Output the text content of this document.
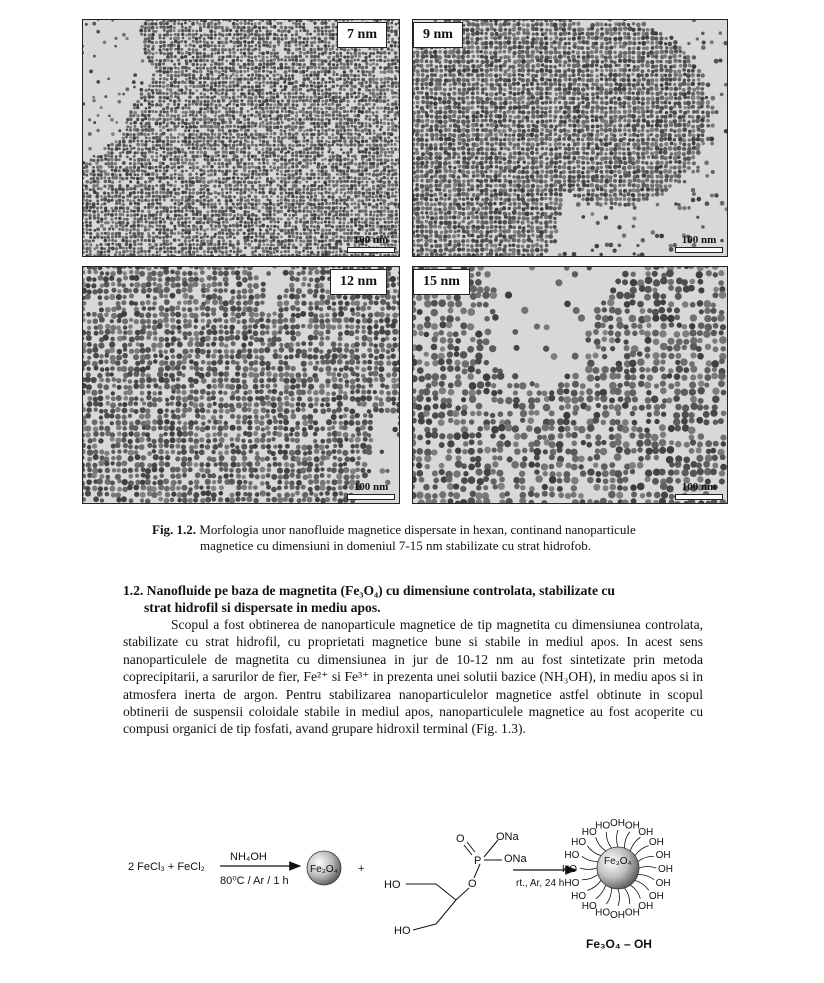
7 nm
100 nm
9 nm
100 nm
12 nm
100 nm
15 nm
100 nm
Fig. 1.2. Morfologia unor nanofluide magnetice dispersate in hexan, continand nanoparticule
magnetice cu dimensiuni in domeniul 7-15 nm stabilizate cu strat hidrofob.
1.2. Nanofluide pe baza de magnetita (Fe₃O₄) cu dimensiune controlata, stabilizate cu
strat hidrofil si dispersate in mediu apos.
Scopul a fost obtinerea de nanoparticule magnetice de tip magnetita cu dimensiunea controlata, stabilizate cu strat hidrofil, cu proprietati magnetice bune si stabile in mediul apos. In acest sens nanoparticulele de magnetita cu dimensiunea in jur de 10-12 nm au fost sintetizate prin metoda coprecipitarii, a sarurilor de fier, Fe²⁺ si Fe³⁺ in prezenta unei solutii bazice (NH₃OH), in mediu apos si in atmosfera inerta de argon. Pentru stabilizarea nanoparticulelor magnetice astfel obtinute in scopul obtinerii de suspensii coloidale stabile in mediul apos, nanoparticulele magnetice au fost acoperite cu compusi organici de tip fosfati, avand grupare hidroxil terminal (Fig. 1.3).
2 FeCl₃ + FeCl₂
NH₄OH
80⁰C / Ar / 1 h
Fe₃O₄ +
O
P
ONa
ONa
O
HO
HO
rt., Ar, 24 h
OH
OH
OH
OH
OH
OH
HO
HO
HO
HO
HO
HO
HO
HO
HO OH OH
OH
OH
OH
Fe₃O₄
Fe₃O₄ – OH
